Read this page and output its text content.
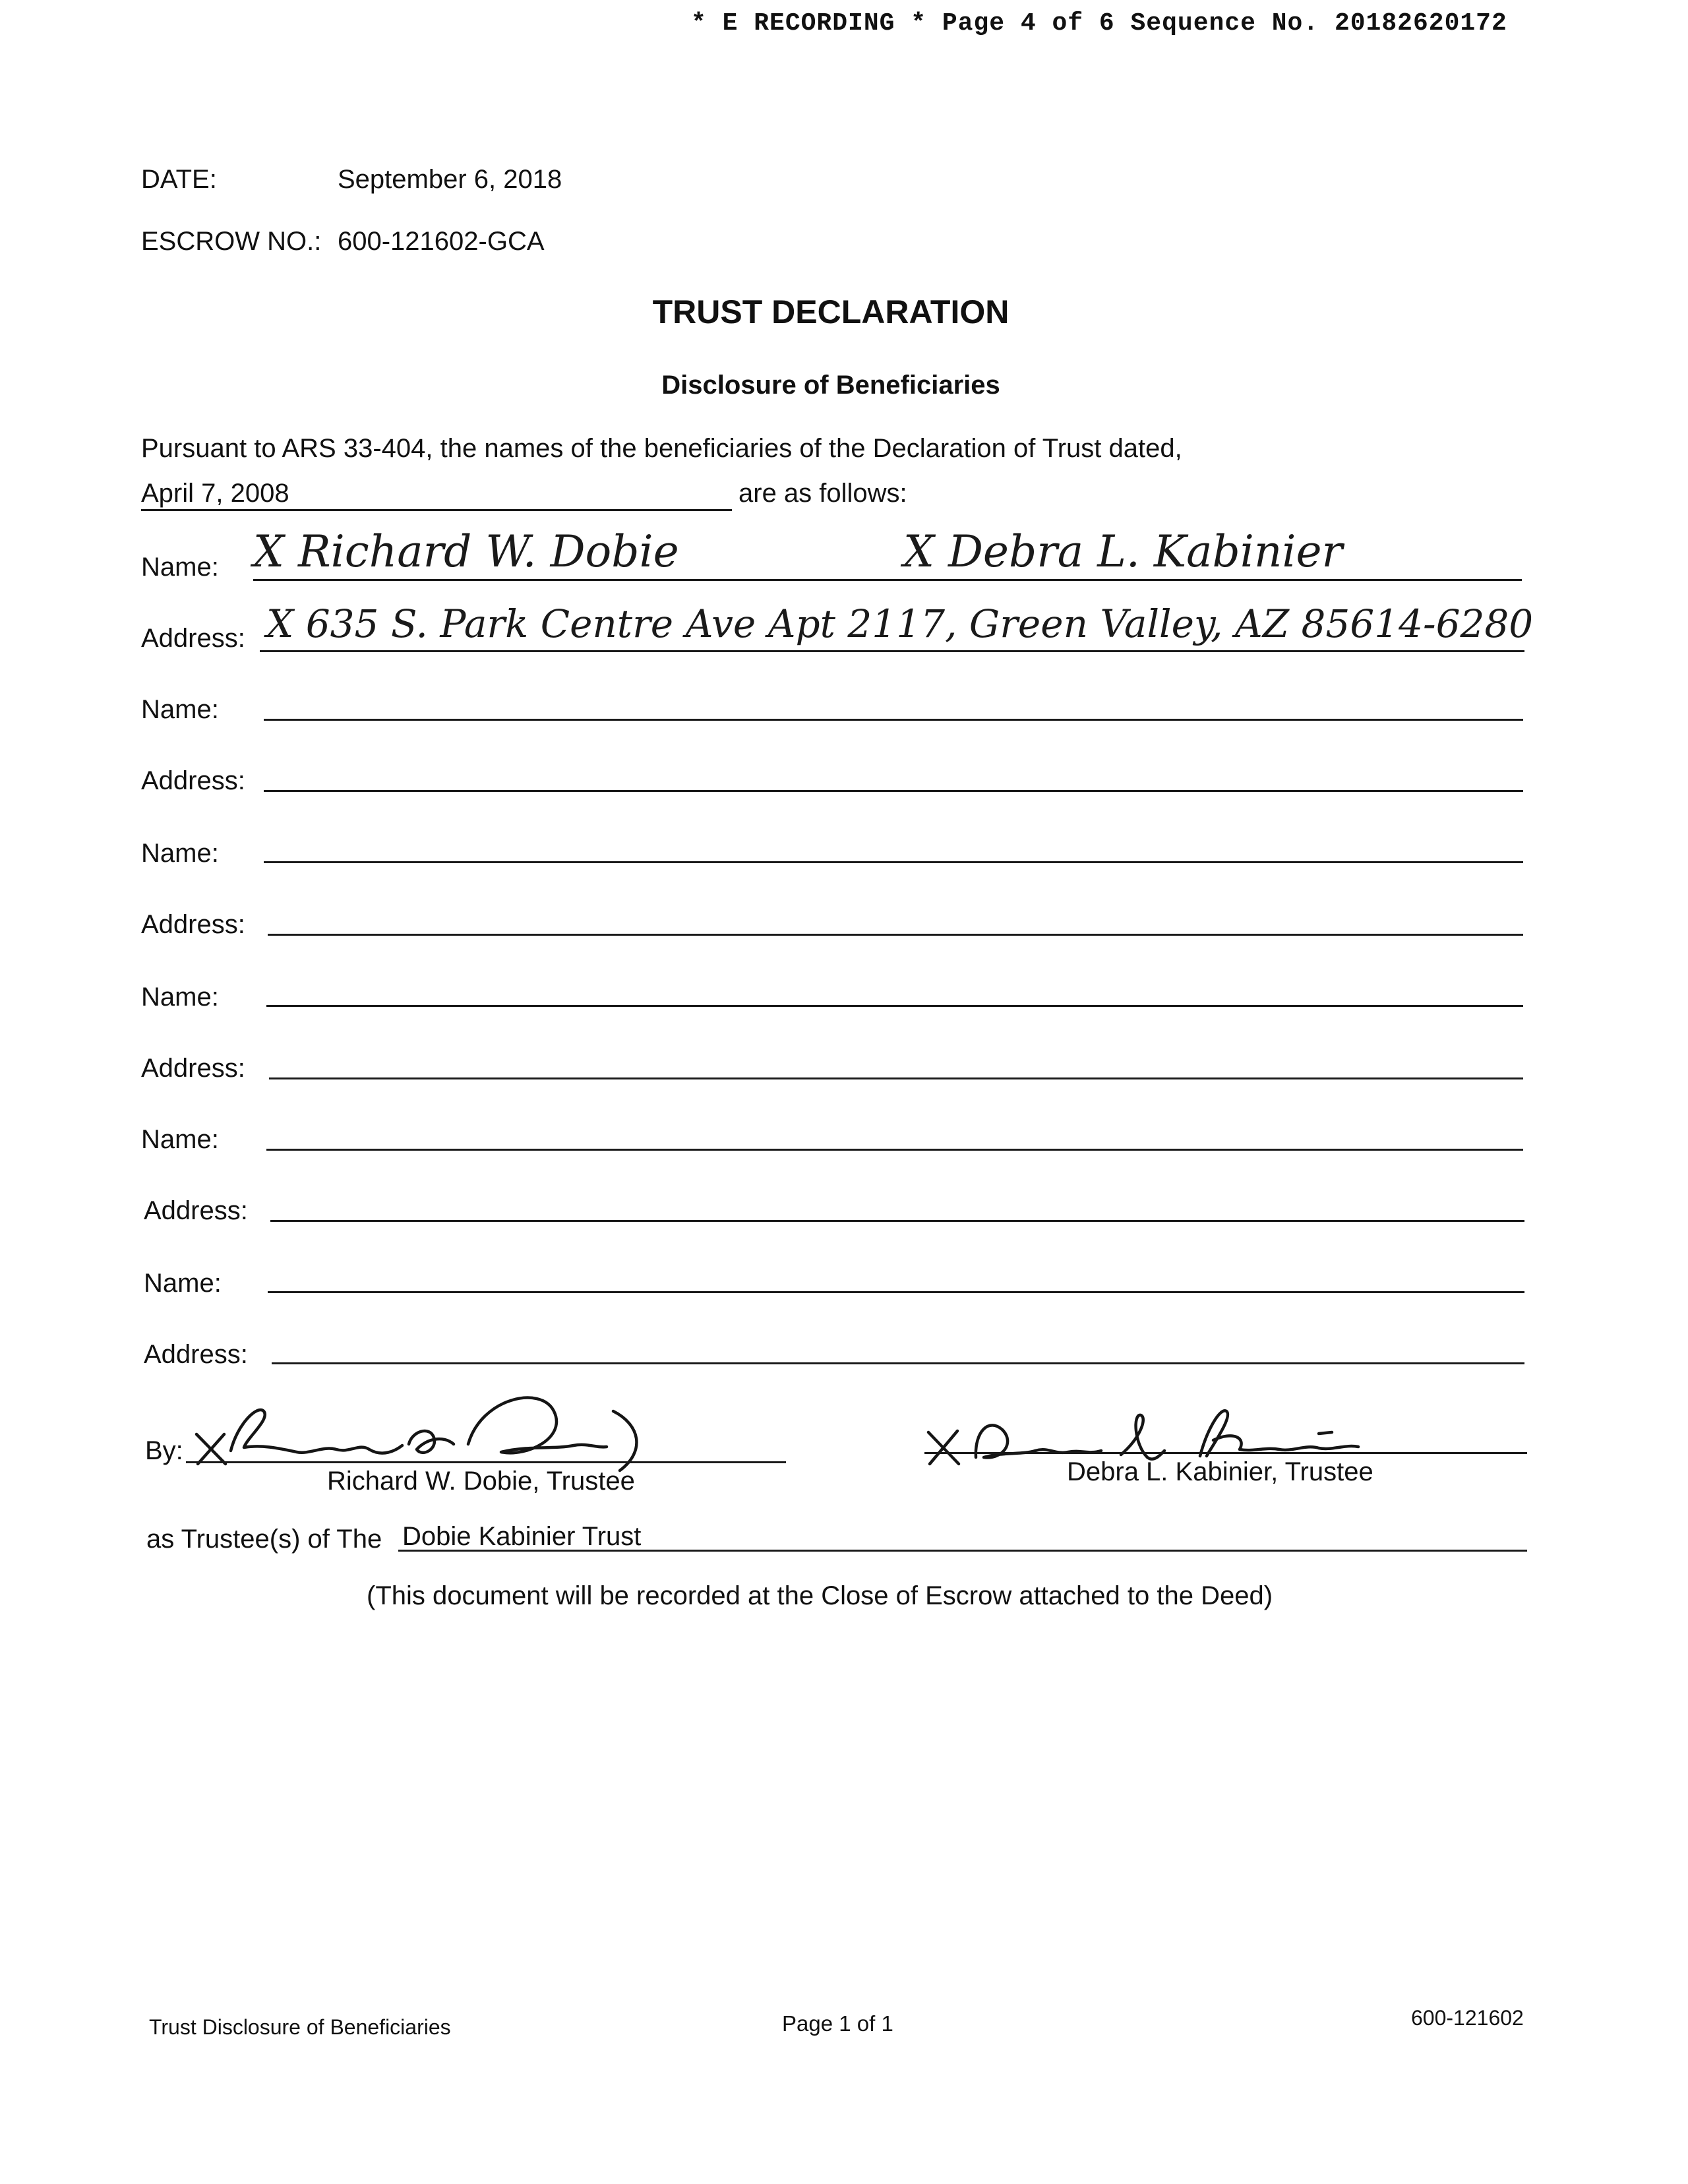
* E RECORDING * Page 4 of 6 Sequence No. 20182620172
DATE:	September 6, 2018
ESCROW NO.: 600-121602-GCA
TRUST DECLARATION
Disclosure of Beneficiaries
Pursuant to ARS 33-404, the names of the beneficiaries of the Declaration of Trust dated,
April 7, 2008	are as follows:
Name: X Richard W. Dobie	X Debra L. Kabinier
Address: X 635 S. Park Centre Ave Apt 2117, Green Valley, AZ 85614-6280
Name:
Address:
Name:
Address:
Name:
Address:
Name:
Address:
Name:
Address:
By:
Richard W. Dobie, Trustee	Debra L. Kabinier, Trustee
as Trustee(s) of The Dobie Kabinier Trust
(This document will be recorded at the Close of Escrow attached to the Deed)
Trust Disclosure of Beneficiaries	Page 1 of 1	600-121602
